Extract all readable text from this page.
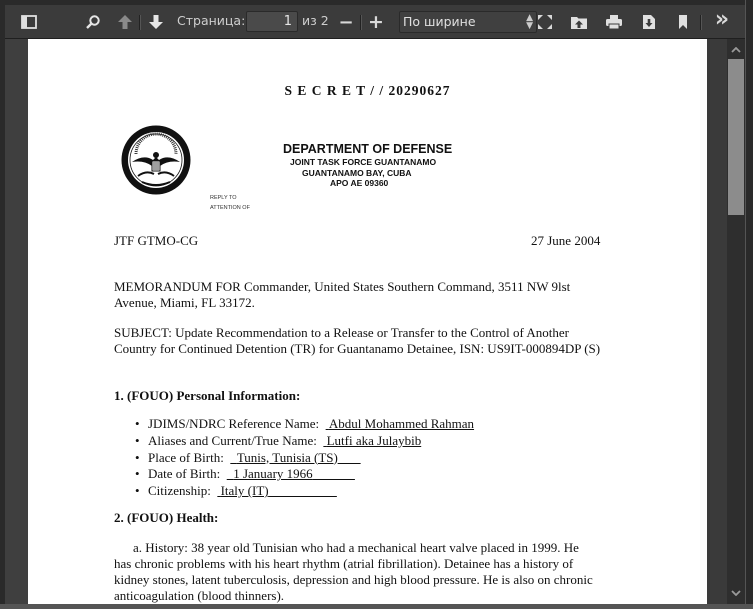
Страница:	1 из 2 − +	По ширине	▲
▼	»
S E C R E T / / 20290627
DEPARTMENT OF DEFENSE
JOINT TASK FORCE GUANTANAMO
GUANTANAMO BAY, CUBA
APO AE 09360
REPLY TO
ATTENTION OF
JTF GTMO-CG	27 June 2004
MEMORANDUM FOR Commander, United States Southern Command, 3511 NW 9lst
Avenue, Miami, FL 33172.
SUBJECT: Update Recommendation to a Release or Transfer to the Control of Another
Country for Continued Detention (TR) for Guantanamo Detainee, ISN: US9IT-000894DP (S)
1. (FOUO) Personal Information:
• JDIMS/NDRC Reference Name: Abdul Mohammed Rahman
• Aliases and Current/True Name: Lutfi aka Julaybib
• Place of Birth: Tunis, Tunisia (TS)
• Date of Birth: 1 January 1966
• Citizenship: Italy (IT)
2. (FOUO) Health:
a. History: 38 year old Tunisian who had a mechanical heart valve placed in 1999. He
has chronic problems with his heart rhythm (atrial fibrillation). Detainee has a history of
kidney stones, latent tuberculosis, depression and high blood pressure. He is also on chronic
anticoagulation (blood thinners).
